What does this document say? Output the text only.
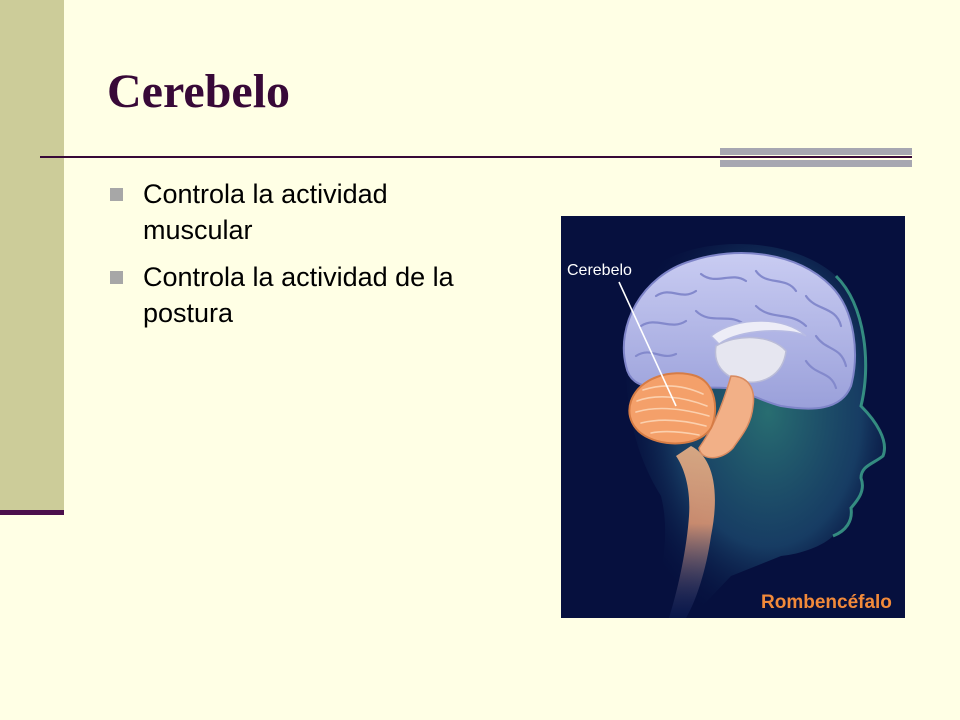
Cerebelo
Controla la actividad muscular
Controla la actividad de la postura
Cerebelo
Rombencéfalo
